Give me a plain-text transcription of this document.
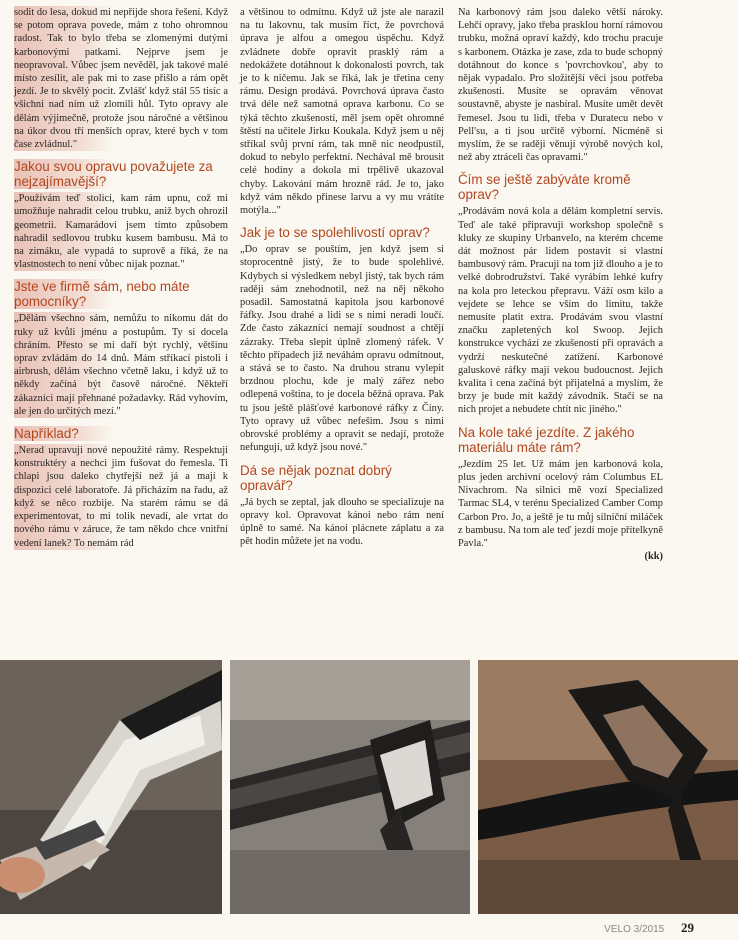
sodit do lesa, dokud mi nepřijde shora řešení. Když se potom oprava povede, mám z toho ohromnou radost. Tak to bylo třeba se zlomenými dutými karbonovými patkami. Nejprve jsem je neopravoval. Vůbec jsem nevěděl, jak takové malé místo zesílit, ale pak mi to zase přišlo a rám opět jezdí. Je to skvělý pocit. Zvlášť když stál 55 tisíc a všichni nad ním už zlomili hůl. Tyto opravy ale dělám výjimečně, protože jsou náročné a většinou na úkor dvou tří menších oprav, které bych v tom čase zvládnul."

Jakou svou opravu považujete za nejzajímavější?

„Používám teď stolici, kam rám upnu, což mi umožňuje nahradit celou trubku, aniž bych ohrozil geometrii. Kamarádovi jsem tímto způsobem nahradil sedlovou trubku kusem bambusu. Má to na zimáku, ale vypadá to suprově a říká, že na vlastnostech to není vůbec nijak poznat."

Jste ve firmě sám, nebo máte pomocníky?

„Dělám všechno sám, nemůžu to nikomu dát do ruky už kvůli jménu a postupům. Ty si docela chráním. Přesto se mi daří být rychlý, většinu oprav zvládám do 14 dnů. Mám stříkací pistoli i airbrush, dělám všechno včetně laku, i když už to někdy začíná být časově náročné. Někteří zákazníci mají přehnané požadavky. Rád vyhovím, ale jen do určitých mezí."

Například?

„Nerad upravuji nové nepoužité rámy. Respektuji konstruktéry a nechci jim fušovat do řemesla. Ti chlapi jsou daleko chytřejší než já a mají k dispozici celé laboratoře. Já přicházím na řadu, až když se něco rozbije. Na starém rámu se dá experimentovat, to mi tolik nevadí, ale vrtat do nového rámu v záruce, že tam někdo chce vnitřní vedení lanek? To nemám rád

a většinou to odmítnu. Když už jste ale narazil na tu lakovnu, tak musím říct, že povrchová úprava je alfou a omegou úspěchu. Když zvládnete dobře opravit prasklý rám a nedokážete dotáhnout k dokonalosti povrch, tak je to k ničemu. Jak se říká, lak je třetina ceny rámu. Design prodává. Povrchová úprava často trvá déle než samotná oprava karbonu. Co se týká těchto zkušeností, měl jsem opět ohromné štěstí na učitele Jirku Koukala. Když jsem u něj stříkal svůj první rám, tak mně nic neodpustil, dokud to nebylo perfektní. Nechával mě brousit celé hodiny a dokola mi trpělivě ukazoval chyby. Lakování mám hrozně rád. Je to, jako když vám někdo přinese larvu a vy mu vrátíte motýla..."

Jak je to se spolehlivostí oprav?

„Do oprav se pouštím, jen když jsem si stoprocentně jistý, že to bude spolehlivé. Kdybych si výsledkem nebyl jistý, tak bych rám raději sám znehodnotil, než na něj někoho posadil. Samostatná kapitola jsou karbonové řáfky. Jsou drahé a lidi se s nimi neradi loučí. Zde často zákazníci nemají soudnost a chtějí zázraky. Třeba slepit úplně zlomený ráfek. V těchto případech již neváhám opravu odmítnout, a stává se to často. Na druhou stranu vylepit brzdnou plochu, kde je malý zářez nebo odlepená voština, to je docela běžná oprava. Pak tu jsou ještě plášťové karbonové ráfky z Číny. Tyto opravy už vůbec nefešim. Jsou s nimi obrovské problémy a opravit se nedají, protože nefungují, už když jsou nové."

Dá se nějak poznat dobrý opravář?

„Já bych se zeptal, jak dlouho se specializuje na opravy kol. Opravovat kánoi nebo rám není úplně to samé. Na kánoi plácnete záplatu a za pět hodin můžete jet na vodu.

Na karbonový rám jsou daleko větší nároky. Lehčí opravy, jako třeba prasklou horní rámovou trubku, možná opraví každý, kdo trochu pracuje s karbonem. Otázka je zase, zda to bude schopný dotáhnout do konce s 'povrchovkou', aby to nějak vypadalo. Pro složitější věci jsou potřeba zkušenosti. Musíte se opravám věnovat soustavně, abyste je nasbíral. Musíte umět devět řemesel. Jsou tu lidi, třeba v Duratecu nebo v Pell'su, a ti jsou určitě výborní. Nicméně si myslím, že se raději věnují výrobě nových kol, než aby ztráceli čas opravami."

Čím se ještě zabýváte kromě oprav?

„Prodávám nová kola a dělám kompletní servis. Teď ale také připravuji workshop společně s kluky ze skupiny Urbanvelo, na kterém chceme dát možnost pár lidem postavit si vlastní bambusový rám. Pracuji na tom již dlouho a je to velké dobrodružství. Také vyrábím lehké kufry na kola pro leteckou přepravu. Váží osm kilo a vejdete se lehce se vším do limitu, takže nemusíte platit extra. Prodávám svou vlastní značku zapletených kol Swoop. Jejich konstrukce vychází ze zkušeností při opravách a vydrží neskutečné zatížení. Karbonové galuskové ráfky mají vekou budoucnost. Jejich kvalita i cena začíná být přijatelná a myslím, že brzy je bude mít každý závodník. Stačí se na nich projet a nebudete chtít nic jiného."

Na kole také jezdíte. Z jakého materiálu máte rám?

„Jezdím 25 let. Už mám jen karbonová kola, plus jeden archivní ocelový rám Columbus EL Nivachrom. Na silnici mě vozí Specialized Tarmac SL4, v terénu Specialized Camber Comp Carbon Pro. Jo, a ještě je tu můj silniční miláček z bambusu. Na tom ale teď jezdí moje přítelkyně Pavla."

(kk)

VELO 3/2015 29
